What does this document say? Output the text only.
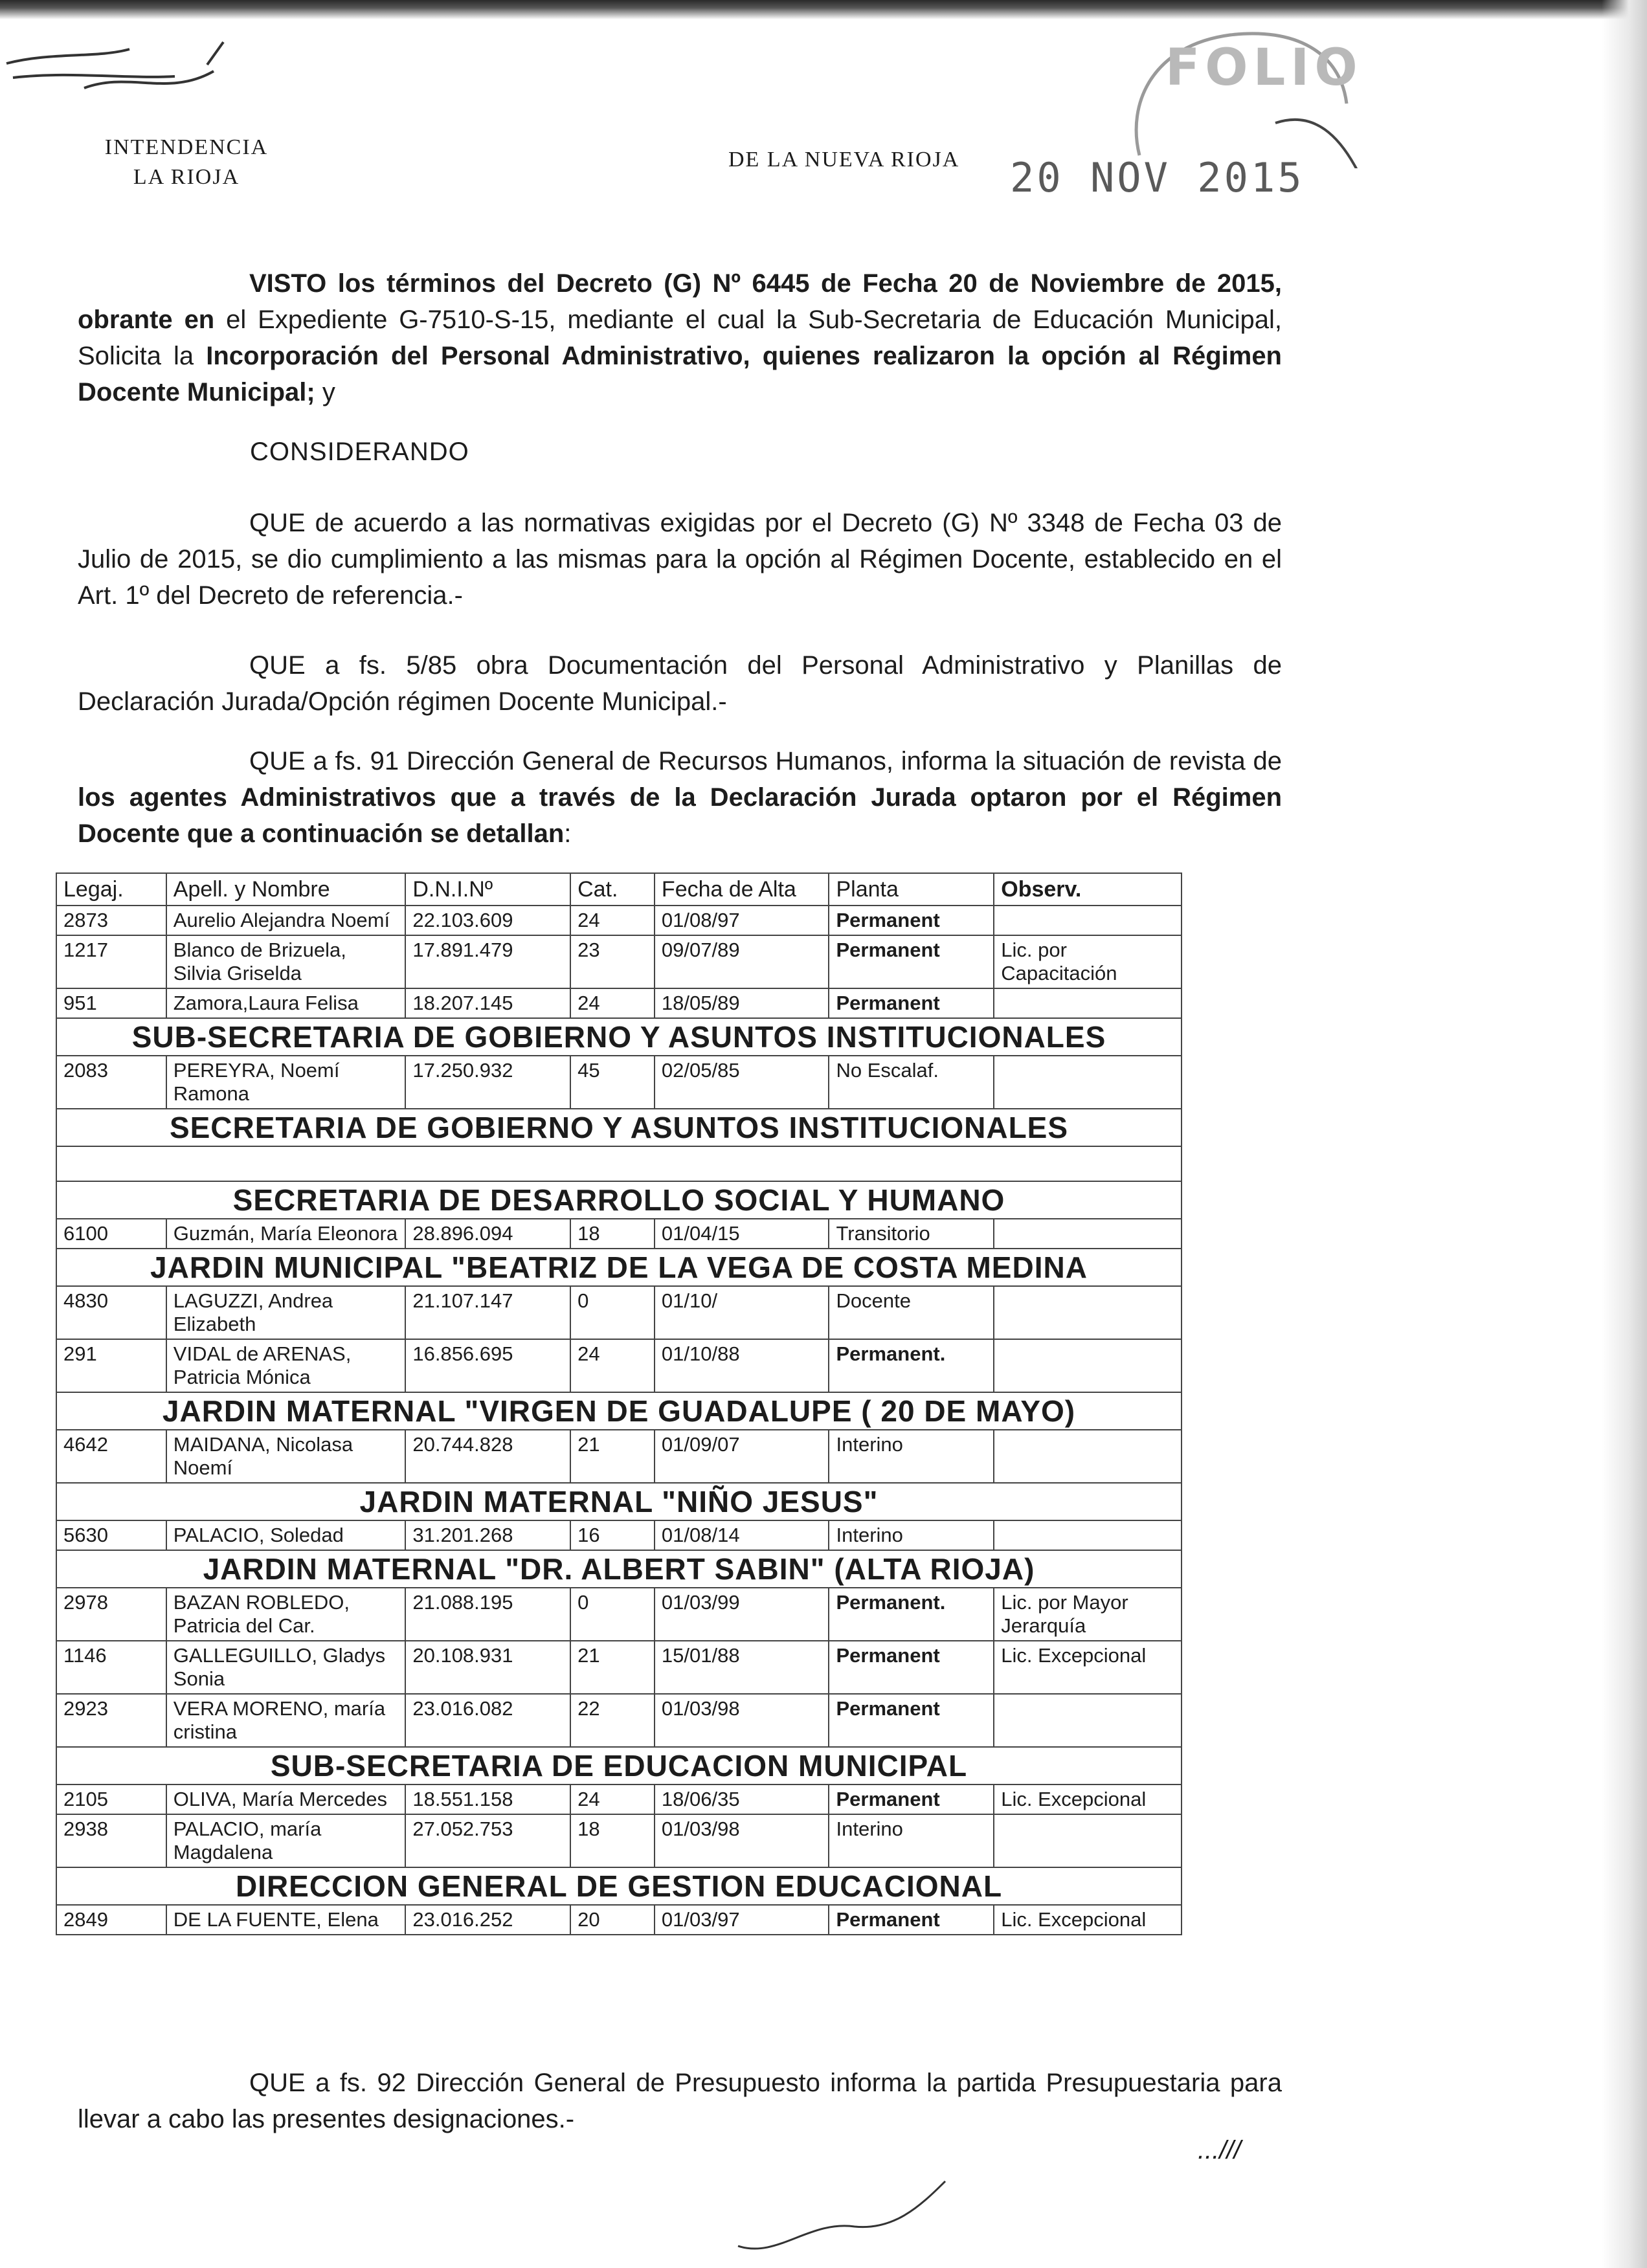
FOLIO
INTENDENCIA
LA RIOJA
DE LA NUEVA RIOJA 20 NOV 2015
VISTO los términos del Decreto (G) Nº 6445 de Fecha 20 de Noviembre de 2015, obrante en el Expediente G-7510-S-15, mediante el cual la Sub-Secretaria de Educación Municipal, Solicita la Incorporación del Personal Administrativo, quienes realizaron la opción al Régimen Docente Municipal; y
CONSIDERANDO
QUE de acuerdo a las normativas exigidas por el Decreto (G) Nº 3348 de Fecha 03 de Julio de 2015, se dio cumplimiento a las mismas para la opción al Régimen Docente, establecido en el Art. 1º del Decreto de referencia.-
QUE a fs. 5/85 obra Documentación del Personal Administrativo y Planillas de Declaración Jurada/Opción régimen Docente Municipal.-
QUE a fs. 91 Dirección General de Recursos Humanos, informa la situación de revista de los agentes Administrativos que a través de la Declaración Jurada optaron por el Régimen Docente que a continuación se detallan:
Legaj.	Apell. y Nombre	D.N.I.Nº	Cat.	Fecha de Alta	Planta	Observ.
2873	Aurelio Alejandra Noemí	22.103.609	24	01/08/97	Permanent	
1217	Blanco de Brizuela, Silvia Griselda	17.891.479	23	09/07/89	Permanent	Lic. por Capacitación
951	Zamora,Laura Felisa	18.207.145	24	18/05/89	Permanent	
SUB-SECRETARIA DE GOBIERNO Y ASUNTOS INSTITUCIONALES						
2083	PEREYRA, Noemí Ramona	17.250.932	45	02/05/85	No Escalaf.	
SECRETARIA DE GOBIERNO Y ASUNTOS INSTITUCIONALES						

SECRETARIA DE DESARROLLO SOCIAL Y HUMANO						
6100	Guzmán, María Eleonora	28.896.094	18	01/04/15	Transitorio	
JARDIN MUNICIPAL "BEATRIZ DE LA VEGA DE COSTA MEDINA						
4830	LAGUZZI, Andrea Elizabeth	21.107.147	0	01/10/	Docente	
291	VIDAL de ARENAS, Patricia Mónica	16.856.695	24	01/10/88	Permanent.	
JARDIN MATERNAL "VIRGEN DE GUADALUPE ( 20 DE MAYO)						
4642	MAIDANA, Nicolasa Noemí	20.744.828	21	01/09/07	Interino	
JARDIN MATERNAL "NIÑO JESUS"						
5630	PALACIO, Soledad	31.201.268	16	01/08/14	Interino	
JARDIN MATERNAL "DR. ALBERT SABIN" (ALTA RIOJA)						
2978	BAZAN ROBLEDO, Patricia del Car.	21.088.195	0	01/03/99	Permanent.	Lic. por Mayor Jerarquía
1146	GALLEGUILLO, Gladys Sonia	20.108.931	21	15/01/88	Permanent	Lic. Excepcional
2923	VERA MORENO, maría cristina	23.016.082	22	01/03/98	Permanent	
SUB-SECRETARIA DE EDUCACION MUNICIPAL						
2105	OLIVA, María Mercedes	18.551.158	24	18/06/35	Permanent	Lic. Excepcional
2938	PALACIO, maría Magdalena	27.052.753	18	01/03/98	Interino	
DIRECCION GENERAL DE GESTION EDUCACIONAL						
2849	DE LA FUENTE, Elena	23.016.252	20	01/03/97	Permanent	Lic. Excepcional
QUE a fs. 92 Dirección General de Presupuesto informa la partida Presupuestaria para llevar a cabo las presentes designaciones.-
...///
